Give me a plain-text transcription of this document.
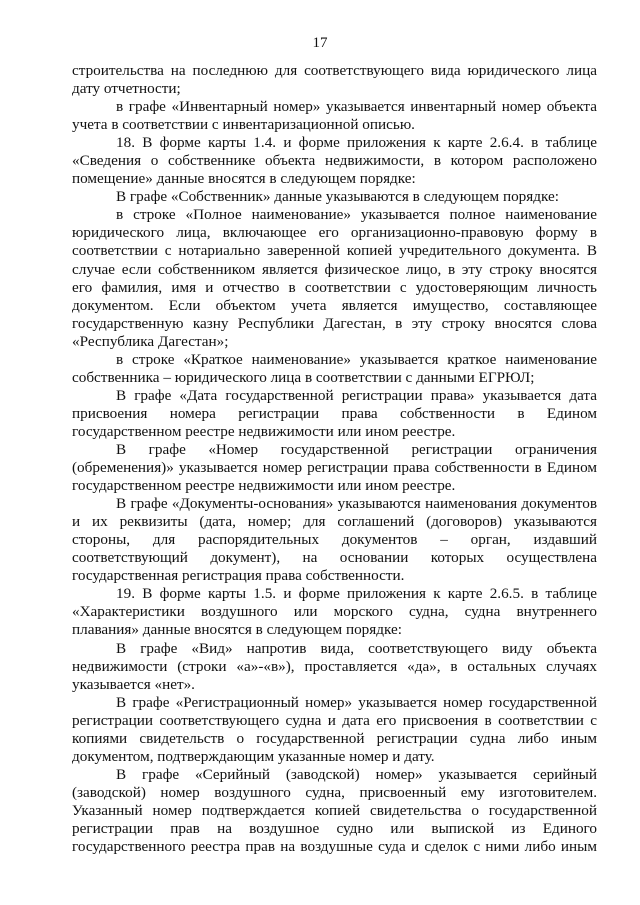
17
строительства на последнюю для соответствующего вида юридического лица
дату отчетности;
в графе «Инвентарный номер» указывается инвентарный номер объекта
учета в соответствии с инвентаризационной описью.
18. В форме карты 1.4. и форме приложения к карте 2.6.4. в таблице
«Сведения о собственнике объекта недвижимости, в котором расположено
помещение» данные вносятся в следующем порядке:
В графе «Собственник» данные указываются в следующем порядке:
в строке «Полное наименование» указывается полное наименование
юридического лица, включающее его организационно-правовую форму в
соответствии с нотариально заверенной копией учредительного документа. В
случае если собственником является физическое лицо, в эту строку вносятся
его фамилия, имя и отчество в соответствии с удостоверяющим личность
документом. Если объектом учета является имущество, составляющее
государственную казну Республики Дагестан, в эту строку вносятся слова
«Республика Дагестан»;
в строке «Краткое наименование» указывается краткое наименование
собственника – юридического лица в соответствии с данными ЕГРЮЛ;
В графе «Дата государственной регистрации права» указывается дата
присвоения номера регистрации права собственности в Едином
государственном реестре недвижимости или ином реестре.
В графе «Номер государственной регистрации ограничения
(обременения)» указывается номер регистрации права собственности в Едином
государственном реестре недвижимости или ином реестре.
В графе «Документы-основания» указываются наименования документов
и их реквизиты (дата, номер; для соглашений (договоров) указываются
стороны, для распорядительных документов – орган, издавший
соответствующий документ), на основании которых осуществлена
государственная регистрация права собственности.
19. В форме карты 1.5. и форме приложения к карте 2.6.5. в таблице
«Характеристики воздушного или морского судна, судна внутреннего
плавания» данные вносятся в следующем порядке:
В графе «Вид» напротив вида, соответствующего виду объекта
недвижимости (строки «а»-«в»), проставляется «да», в остальных случаях
указывается «нет».
В графе «Регистрационный номер» указывается номер государственной
регистрации соответствующего судна и дата его присвоения в соответствии с
копиями свидетельств о государственной регистрации судна либо иным
документом, подтверждающим указанные номер и дату.
В графе «Серийный (заводской) номер» указывается серийный
(заводской) номер воздушного судна, присвоенный ему изготовителем.
Указанный номер подтверждается копией свидетельства о государственной
регистрации прав на воздушное судно или выпиской из Единого
государственного реестра прав на воздушные суда и сделок с ними либо иным
